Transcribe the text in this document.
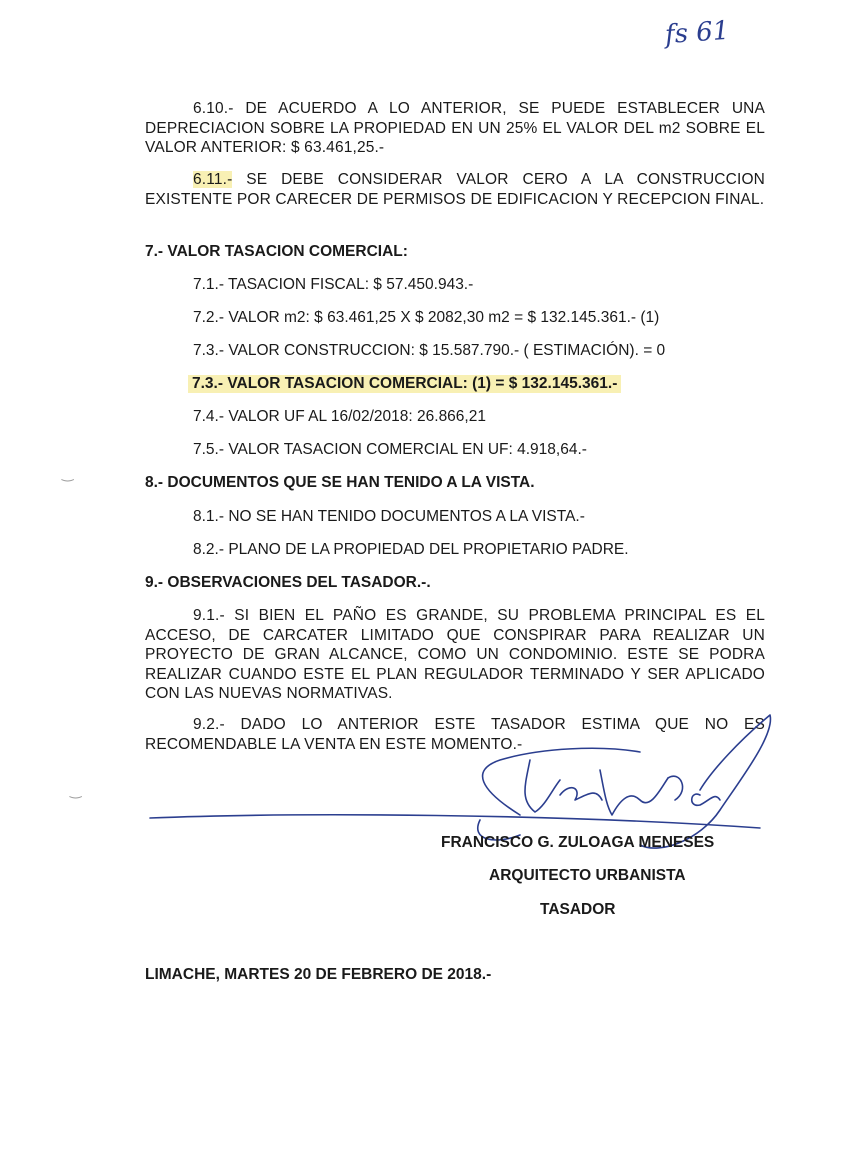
fs 61
‿
‿

6.10.- DE ACUERDO A LO ANTERIOR, SE PUEDE ESTABLECER UNA DEPRECIACION SOBRE LA PROPIEDAD EN UN 25% EL VALOR DEL m2 SOBRE EL VALOR ANTERIOR: $ 63.461,25.-

6.11.- SE DEBE CONSIDERAR VALOR CERO A LA CONSTRUCCION EXISTENTE POR CARECER DE PERMISOS DE EDIFICACION Y RECEPCION FINAL.

7.- VALOR TASACION COMERCIAL:
7.1.- TASACION FISCAL: $ 57.450.943.-
7.2.- VALOR m2: $ 63.461,25 X $ 2082,30 m2 = $ 132.145.361.- (1)
7.3.- VALOR CONSTRUCCION: $ 15.587.790.- ( ESTIMACIÓN). = 0
7.3.- VALOR TASACION COMERCIAL: (1) = $ 132.145.361.-
7.4.- VALOR UF AL 16/02/2018: 26.866,21
7.5.- VALOR TASACION COMERCIAL EN UF: 4.918,64.-
8.- DOCUMENTOS QUE SE HAN TENIDO A LA VISTA.
8.1.- NO SE HAN TENIDO DOCUMENTOS A LA VISTA.-
8.2.- PLANO DE LA PROPIEDAD DEL PROPIETARIO PADRE.
9.- OBSERVACIONES DEL TASADOR.-.

9.1.- SI BIEN EL PAÑO ES GRANDE, SU PROBLEMA PRINCIPAL ES EL ACCESO, DE CARCATER LIMITADO QUE CONSPIRAR PARA REALIZAR UN PROYECTO DE GRAN ALCANCE, COMO UN CONDOMINIO. ESTE SE PODRA REALIZAR CUANDO ESTE EL PLAN REGULADOR TERMINADO Y SER APLICADO CON LAS NUEVAS NORMATIVAS.

9.2.- DADO LO ANTERIOR ESTE TASADOR ESTIMA QUE NO ES RECOMENDABLE LA VENTA EN ESTE MOMENTO.-

FRANCISCO G. ZULOAGA MENESES
ARQUITECTO URBANISTA
TASADOR
LIMACHE, MARTES 20 DE FEBRERO DE 2018.-
